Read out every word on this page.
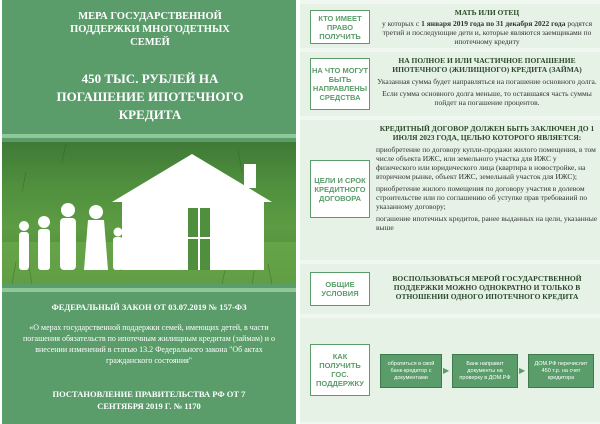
МЕРА ГОСУДАРСТВЕННОЙ ПОДДЕРЖКИ МНОГОДЕТНЫХ СЕМЕЙ
450 ТЫС. РУБЛЕЙ НА ПОГАШЕНИЕ ИПОТЕЧНОГО КРЕДИТА
ФЕДЕРАЛЬНЫЙ ЗАКОН ОТ 03.07.2019 № 157-ФЗ
«О мерах государственной поддержки семей, имеющих детей, в части погашения обязательств по ипотечным жилищным кредитам (займам) и о внесении изменений в статью 13.2 Федерального закона "Об актах гражданского состояния"
ПОСТАНОВЛЕНИЕ ПРАВИТЕЛЬСТВА РФ ОТ 7 СЕНТЯБРЯ 2019 Г. № 1170
КТО ИМЕЕТ ПРАВО ПОЛУЧИТЬ
МАТЬ ИЛИ ОТЕЦ
у которых с 1 января 2019 года по 31 декабря 2022 года родятся третий и последующие дети и, которые являются заемщиками по ипотечному кредиту
НА ЧТО МОГУТ БЫТЬ НАПРАВЛЕНЫ СРЕДСТВА
НА ПОЛНОЕ И ИЛИ ЧАСТИЧНОЕ ПОГАШЕНИЕ ИПОТЕЧНОГО (ЖИЛИЩНОГО) КРЕДИТА (ЗАЙМА)
Указанная сумма будет направляться на погашение основного долга.
Если сумма основного долга меньше, то оставшаяся часть суммы пойдет на погашение процентов.
ЦЕЛИ И СРОК КРЕДИТНОГО ДОГОВОРА
КРЕДИТНЫЙ ДОГОВОР ДОЛЖЕН БЫТЬ ЗАКЛЮЧЕН ДО 1 ИЮЛЯ 2023 ГОДА, ЦЕЛЬЮ КОТОРОГО ЯВЛЯЕТСЯ:
приобретение по договору купли-продажи жилого помещения, в том числе объекта ИЖС, или земельного участка для ИЖС у физического или юридического лица (квартира в новостройке, на вторичном рынке, объект ИЖС, земельный участок для ИЖС);
приобретение жилого помещения по договору участия в долевом строительстве или по соглашению об уступке прав требований по указанному договору;
погашение ипотечных кредитов, ранее выданных на цели, указанные выше
ОБЩИЕ УСЛОВИЯ
ВОСПОЛЬЗОВАТЬСЯ МЕРОЙ ГОСУДАРСТВЕННОЙ ПОДДЕРЖКИ МОЖНО ОДНОКРАТНО И ТОЛЬКО В ОТНОШЕНИИ ОДНОГО ИПОТЕЧНОГО КРЕДИТА
КАК ПОЛУЧИТЬ ГОС. ПОДДЕРЖКУ
обратиться в свой банк-кредитор с документами
▶
Банк направит документы на проверку в ДОМ.РФ
▶
ДОМ.РФ перечислит 450 т.р. на счет кредитора
